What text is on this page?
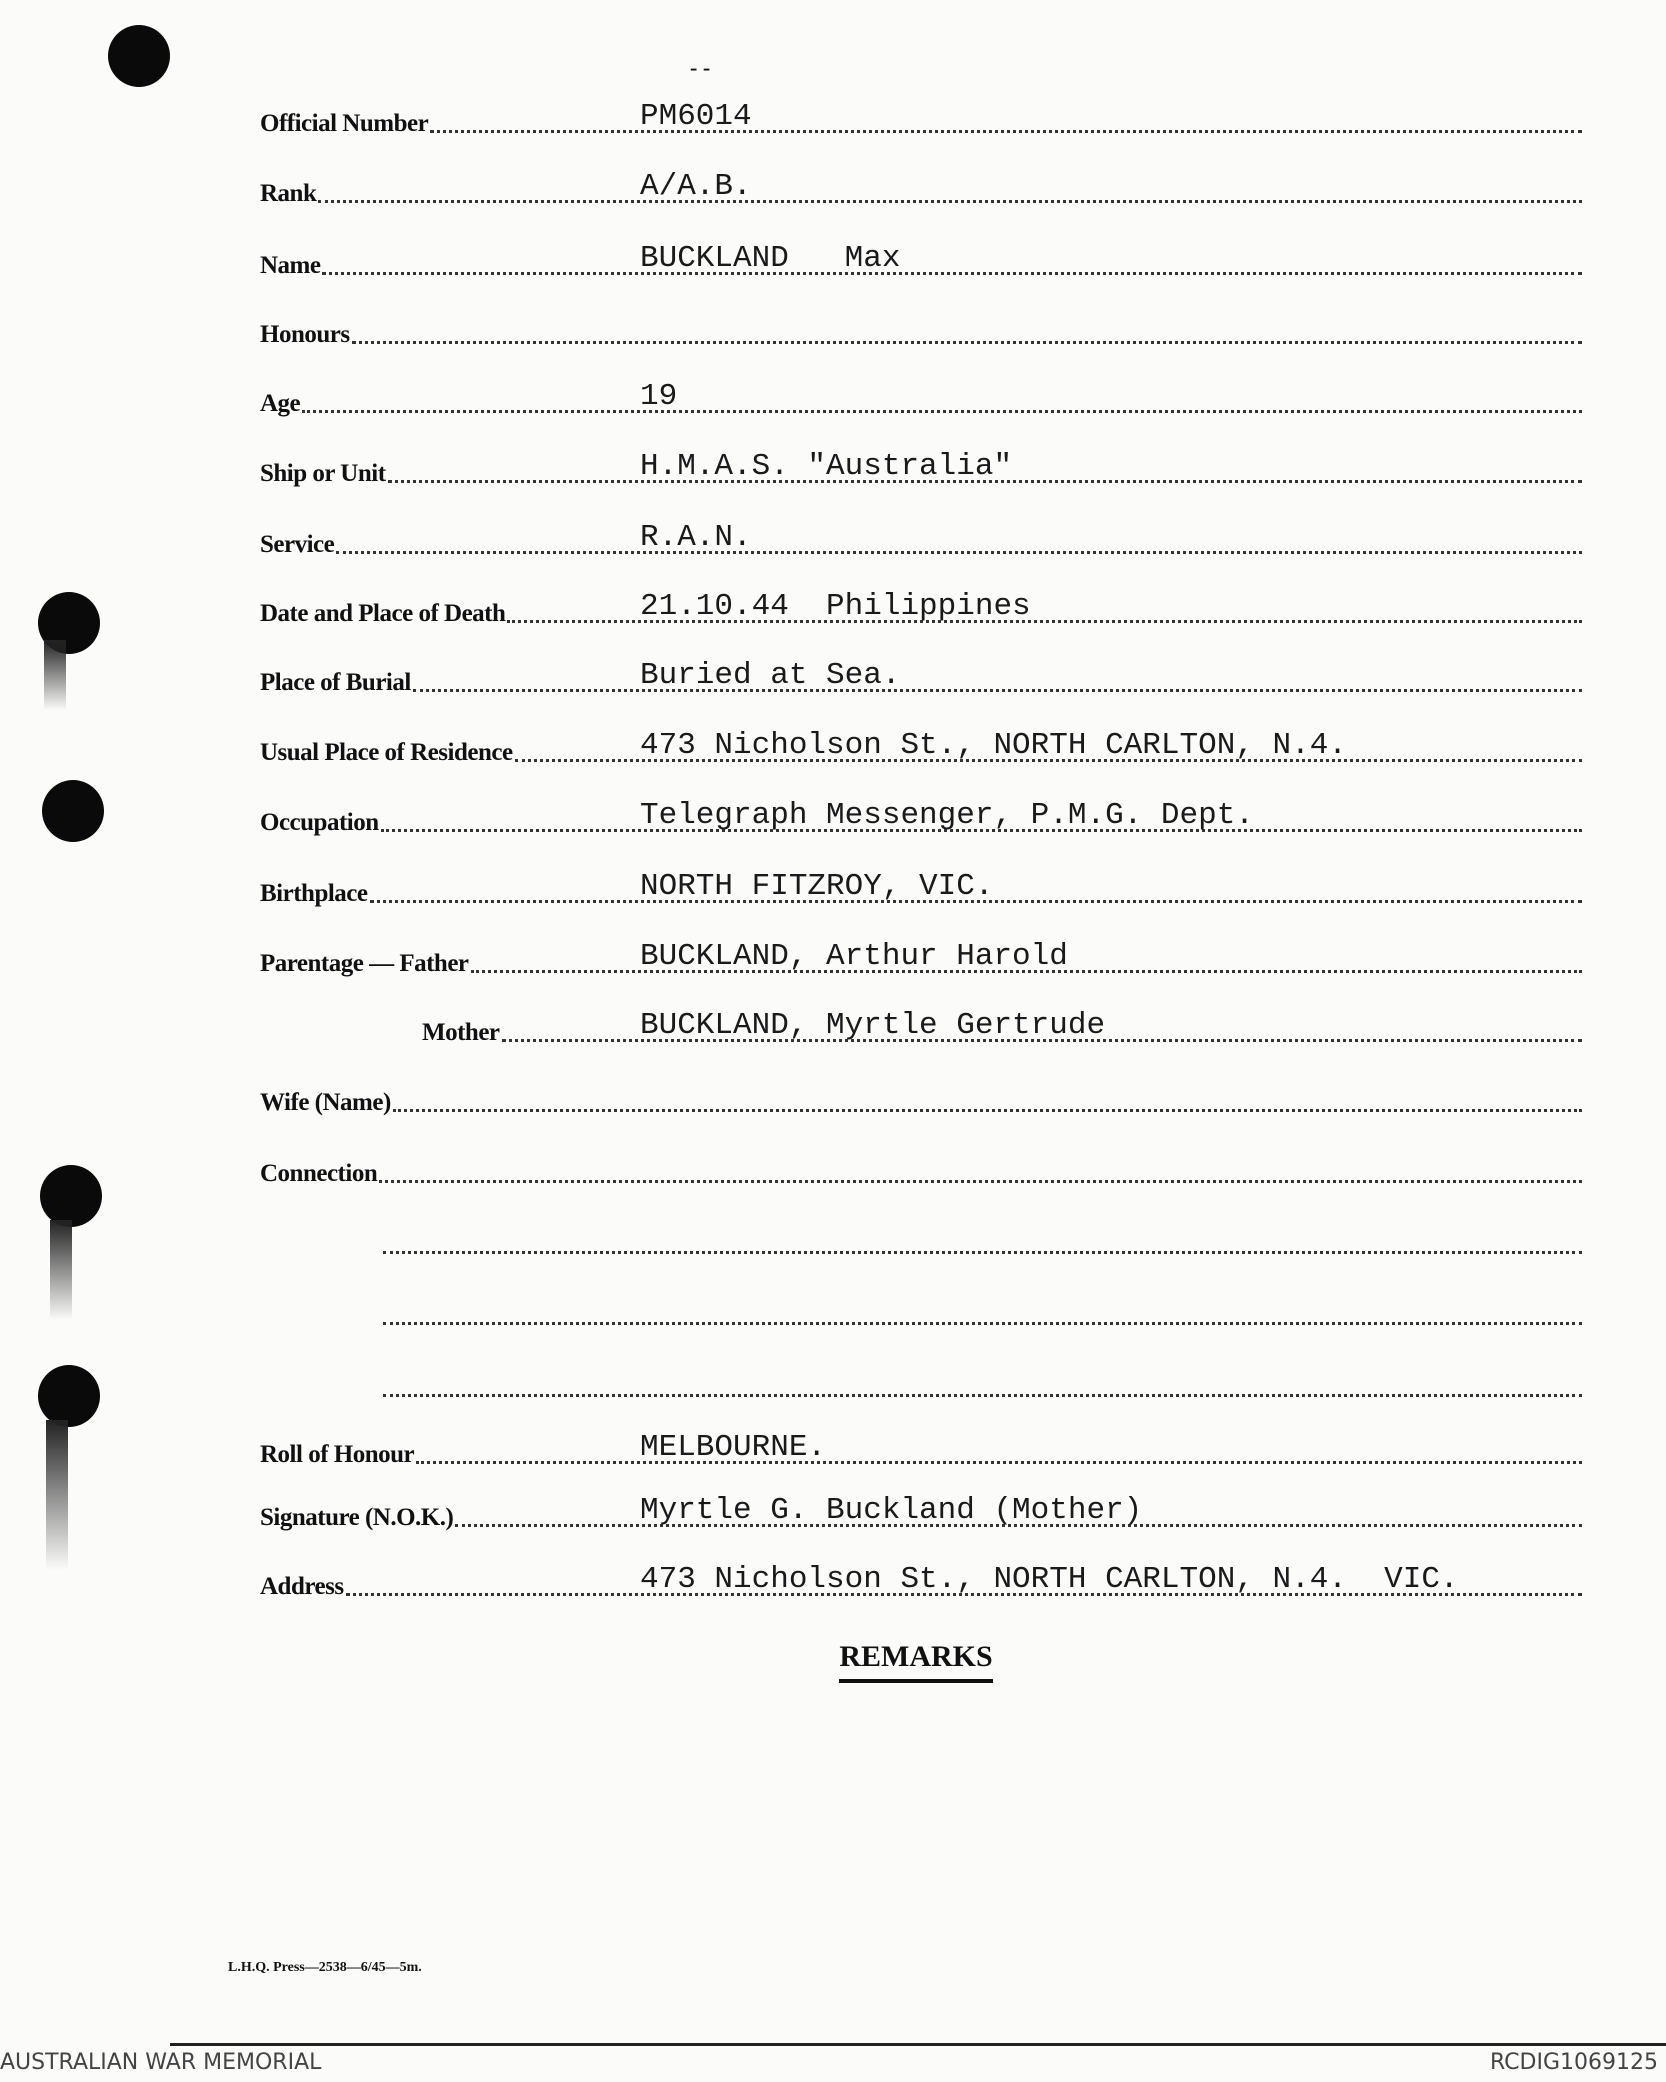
- -
Official Number	PM6014
Rank	A/A.B.
Name	BUCKLAND   Max
Honours
Age	19
Ship or Unit	H.M.A.S. "Australia"
Service	R.A.N.
Date and Place of Death	21.10.44  Philippines
Place of Burial	Buried at Sea.
Usual Place of Residence	473 Nicholson St., NORTH CARLTON, N.4.
Occupation	Telegraph Messenger, P.M.G. Dept.
Birthplace	NORTH FITZROY, VIC.
Parentage — Father	BUCKLAND, Arthur Harold
Mother	BUCKLAND, Myrtle Gertrude
Wife (Name)
Connection
Roll of Honour	MELBOURNE.
Signature (N.O.K.)	Myrtle G. Buckland (Mother)
Address	473 Nicholson St., NORTH CARLTON, N.4.  VIC.
REMARKS
L.H.Q. Press—2538—6/45—5m.
AUSTRALIAN WAR MEMORIAL	RCDIG1069125
